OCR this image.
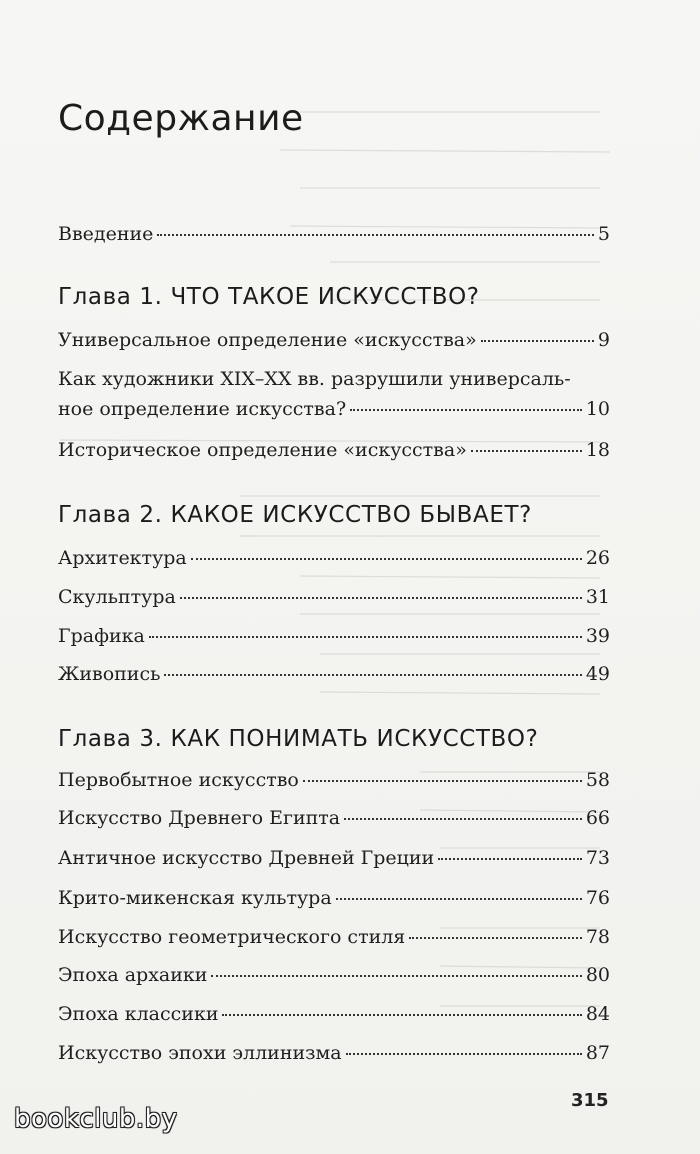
Содержание
Введение	5
Глава 1. ЧТО ТАКОЕ ИСКУССТВО?
Универсальное определение «искусства»	9
Как художники XIX–XX вв. разрушили универсаль-
ное определение искусства?	10
Историческое определение «искусства»	18
Глава 2. КАКОЕ ИСКУССТВО БЫВАЕТ?
Архитектура	26
Скульптура	31
Графика	39
Живопись	49
Глава 3. КАК ПОНИМАТЬ ИСКУССТВО?
Первобытное искусство	58
Искусство Древнего Египта	66
Античное искусство Древней Греции	73
Крито-микенская культура	76
Искусство геометрического стиля	78
Эпоха архаики	80
Эпоха классики	84
Искусство эпохи эллинизма	87
315
bookclub.by
